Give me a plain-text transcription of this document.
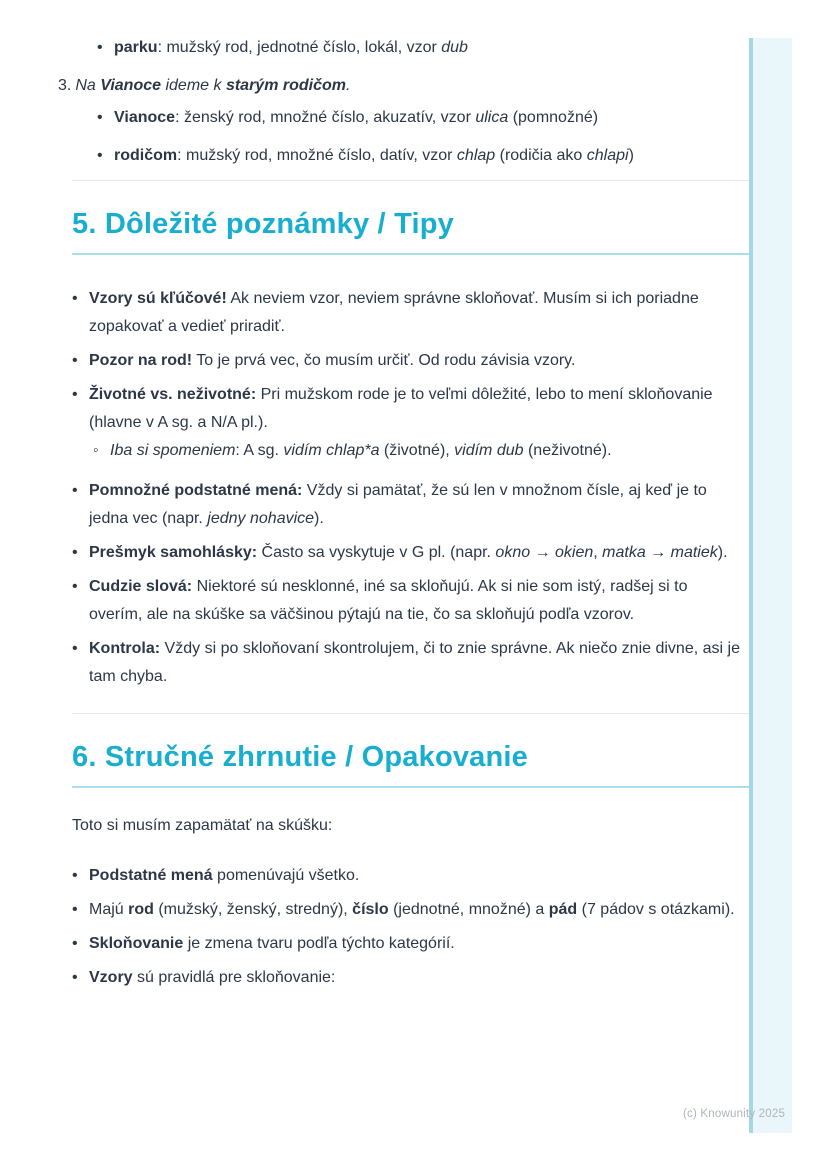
•
parku: mužský rod, jednotné číslo, lokál, vzor dub
3. Na Vianoce ideme k starým rodičom.
•
Vianoce: ženský rod, množné číslo, akuzatív, vzor ulica (pomnožné)
•
rodičom: mužský rod, množné číslo, datív, vzor chlap (rodičia ako chlapi)
5. Dôležité poznámky / Tipy
•
Vzory sú kľúčové! Ak neviem vzor, neviem správne skloňovať. Musím si ich poriadne zopakovať a vedieť priradiť.
•
Pozor na rod! To je prvá vec, čo musím určiť. Od rodu závisia vzory.
•
Životné vs. neživotné: Pri mužskom rode je to veľmi dôležité, lebo to mení skloňovanie (hlavne v A sg. a N/A pl.).
◦
Iba si spomeniem: A sg. vidím chlap*a (životné), vidím dub (neživotné).
•
Pomnožné podstatné mená: Vždy si pamätať, že sú len v množnom čísle, aj keď je to jedna vec (napr. jedny nohavice).
•
Prešmyk samohlásky: Často sa vyskytuje v G pl. (napr. okno → okien, matka → matiek).
•
Cudzie slová: Niektoré sú nesklonné, iné sa skloňujú. Ak si nie som istý, radšej si to overím, ale na skúške sa väčšinou pýtajú na tie, čo sa skloňujú podľa vzorov.
•
Kontrola: Vždy si po skloňovaní skontrolujem, či to znie správne. Ak niečo znie divne, asi je tam chyba.
6. Stručné zhrnutie / Opakovanie

Toto si musím zapamätať na skúšku:

•
Podstatné mená pomenúvajú všetko.
•
Majú rod (mužský, ženský, stredný), číslo (jednotné, množné) a pád (7 pádov s otázkami).
•
Skloňovanie je zmena tvaru podľa týchto kategórií.
•
Vzory sú pravidlá pre skloňovanie:
(c) Knowunity 2025
